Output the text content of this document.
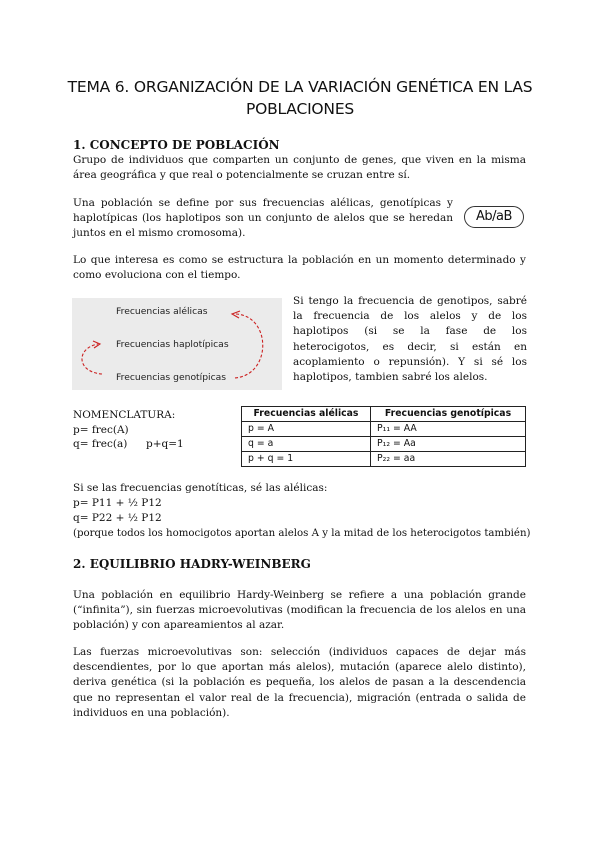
TEMA 6. ORGANIZACIÓN DE LA VARIACIÓN GENÉTICA EN LAS
POBLACIONES
1. CONCEPTO DE POBLACIÓN
Grupo de individuos que comparten un conjunto de genes, que viven en la misma área geográfica y que real o potencialmente se cruzan entre sí.
Una población se define por sus frecuencias alélicas, genotípicas y haplotípicas (los haplotipos son un conjunto de alelos que se heredan juntos en el mismo cromosoma).
Ab/aB
Lo que interesa es como se estructura la población en un momento determinado y como evoluciona con el tiempo.
Frecuencias alélicas
Frecuencias haplotípicas
Frecuencias genotípicas
Si tengo la frecuencia de genotipos, sabré la frecuencia de los alelos y de los haplotipos (si se la fase de los heterocigotos, es decir, si están en acoplamiento o repunsión). Y si sé los haplotipos, tambien sabré los alelos.
NOMENCLATURA:
p= frec(A)
q= frec(a) p+q=1
Frecuencias alélicas	Frecuencias genotípicas
p = A	P₁₁ = AA
q = a	P₁₂ = Aa
p + q = 1	P₂₂ = aa
Si se las frecuencias genotíticas, sé las alélicas:
p= P11 + ½ P12
q= P22 + ½ P12
(porque todos los homocigotos aportan alelos A y la mitad de los heterocigotos también)
2. EQUILIBRIO HADRY-WEINBERG
Una población en equilibrio Hardy-Weinberg se refiere a una población grande (“infinita”), sin fuerzas microevolutivas (modifican la frecuencia de los alelos en una población) y con apareamientos al azar.
Las fuerzas microevolutivas son: selección (individuos capaces de dejar más descendientes, por lo que aportan más alelos), mutación (aparece alelo distinto), deriva genética (si la población es pequeña, los alelos de pasan a la descendencia que no representan el valor real de la frecuencia), migración (entrada o salida de individuos en una población).
